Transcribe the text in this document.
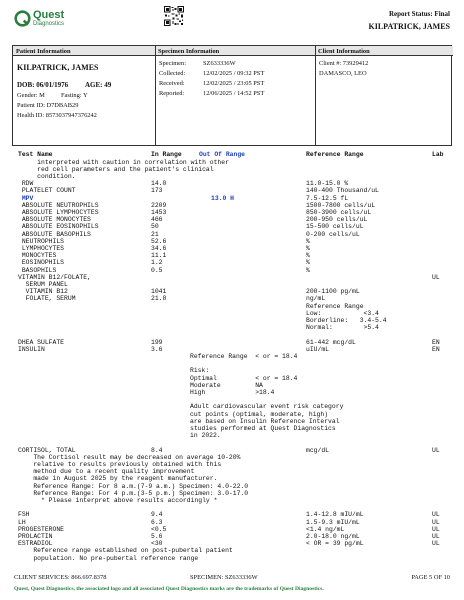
Quest
Diagnostics
Report Status: Final
KILPATRICK, JAMES
Patient Information	Specimen Information	Client Information
KILPATRICK, JAMES
DOB: 06/01/1976 AGE: 49
Gender: M	Fasting: Y
Patient ID: D7DBAB29
Health ID: 8573037947376242
Specimen:	SZ633336W
Collected:	12/02/2025 / 09:32 PST
Received:	12/02/2025 / 23:05 PST
Reported:	12/06/2025 / 14:52 PST
Client #: 73929412
DAMASCO, LEO

Test Name

	In Range

	Out Of Range

	Reference Range

	Lab

interpreted with caution in correlation with other
red cell parameters and the patient's clinical
condition.
RDW	14.0	11.0-15.0 %
PLATELET COUNT	173	140-400 Thousand/uL
MPV	13.0 H	7.5-12.5 fL
ABSOLUTE NEUTROPHILS	2209	1500-7800 cells/uL
ABSOLUTE LYMPHOCYTES	1453	850-3900 cells/uL
ABSOLUTE MONOCYTES	466	200-950 cells/uL
ABSOLUTE EOSINOPHILS	50	15-500 cells/uL
ABSOLUTE BASOPHILS	21	0-200 cells/uL
NEUTROPHILS	52.6	%
LYMPHOCYTES	34.6	%
MONOCYTES	11.1	%
EOSINOPHILS	1.2	%
BASOPHILS	0.5	%
VITAMIN B12/FOLATE,	UL
SERUM PANEL
VITAMIN B12	1041	200-1100 pg/mL
FOLATE, SERUM	21.8	ng/mL
Reference Range
Low:           <3.4
Borderline:   3.4-5.4
Normal:        >5.4
DHEA SULFATE	199	61-442 mcg/dL	EN
INSULIN	3.6	uIU/mL	EN
Reference Range  < or = 18.4
Risk:
Optimal          < or = 18.4
Moderate         NA
High             >18.4
Adult cardiovascular event risk category
cut points (optimal, moderate, high)
are based on Insulin Reference Interval
studies performed at Quest Diagnostics
in 2022.
CORTISOL, TOTAL	8.4	mcg/dL	UL
The Cortisol result may be decreased on average 10-20%
relative to results previously obtained with this
method due to a recent quality improvement
made in August 2025 by the reagent manufacturer.
Reference Range: For 8 a.m.(7-9 a.m.) Specimen: 4.0-22.0
Reference Range: For 4 p.m.(3-5 p.m.) Specimen: 3.0-17.0
* Please interpret above results accordingly *
FSH	9.4	1.4-12.8 mIU/mL	UL
LH	6.3	1.5-9.3 mIU/mL	UL
PROGESTERONE	<0.5	<1.4 ng/mL	UL
PROLACTIN	5.6	2.0-18.0 ng/mL	UL
ESTRADIOL	<30	< OR = 39 pg/mL	UL
Reference range established on post-pubertal patient
population. No pre-pubertal reference range
CLIENT SERVICES: 866.697.8378	SPECIMEN: SZ633336W	PAGE 5 OF 10
Quest, Quest Diagnostics, the associated logo and all associated Quest Diagnostics marks are the trademarks of Quest Diagnostics.
